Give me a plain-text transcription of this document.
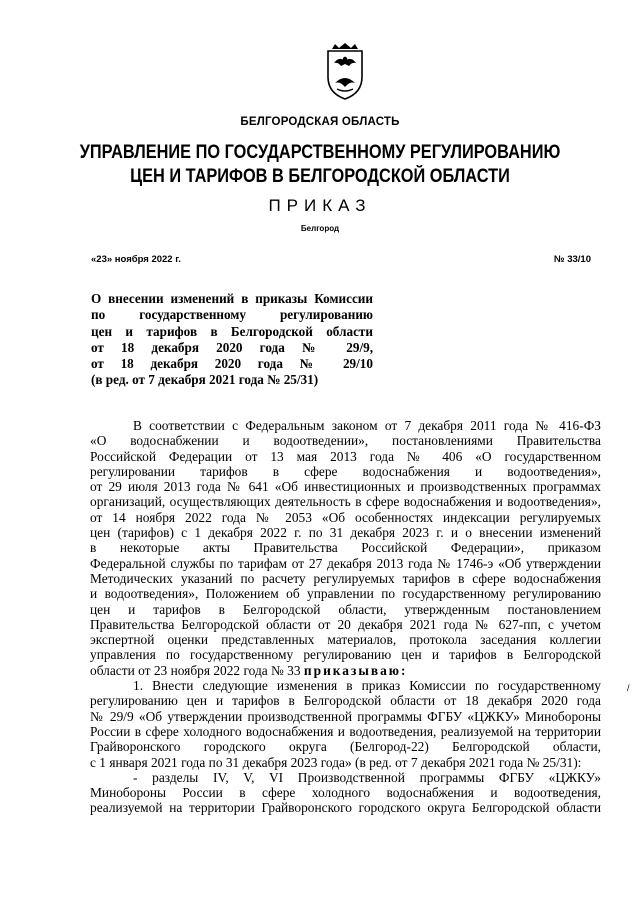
БЕЛГОРОДСКАЯ ОБЛАСТЬ
УПРАВЛЕНИЕ ПО ГОСУДАРСТВЕННОМУ РЕГУЛИРОВАНИЮ
ЦЕН И ТАРИФОВ В БЕЛГОРОДСКОЙ ОБЛАСТИ
ПРИКАЗ
Белгород
«23» ноября 2022 г.	№ 33/10
О внесении изменений в приказы Комиссии
по государственному регулированию
цен и тарифов в Белгородской области
от 18 декабря 2020 года № 29/9,
от 18 декабря 2020 года № 29/10
(в ред. от 7 декабря 2021 года № 25/31)
В соответствии с Федеральным законом от 7 декабря 2011 года № 416-ФЗ
«О водоснабжении и водоотведении», постановлениями Правительства
Российской Федерации от 13 мая 2013 года № 406 «О государственном
регулировании тарифов в сфере водоснабжения и водоотведения»,
от 29 июля 2013 года № 641 «Об инвестиционных и производственных программах
организаций, осуществляющих деятельность в сфере водоснабжения и водоотведения»,
от 14 ноября 2022 года № 2053 «Об особенностях индексации регулируемых
цен (тарифов) с 1 декабря 2022 г. по 31 декабря 2023 г. и о внесении изменений
в некоторые акты Правительства Российской Федерации», приказом
Федеральной службы по тарифам от 27 декабря 2013 года № 1746-э «Об утверждении
Методических указаний по расчету регулируемых тарифов в сфере водоснабжения
и водоотведения», Положением об управлении по государственному регулированию
цен и тарифов в Белгородской области, утвержденным постановлением
Правительства Белгородской области от 20 декабря 2021 года № 627-пп, с учетом
экспертной оценки представленных материалов, протокола заседания коллегии
управления по государственному регулированию цен и тарифов в Белгородской
области от 23 ноября 2022 года № 33 приказываю:
1. Внести следующие изменения в приказ Комиссии по государственному
регулированию цен и тарифов в Белгородской области от 18 декабря 2020 года
№ 29/9 «Об утверждении производственной программы ФГБУ «ЦЖКУ» Минобороны
России в сфере холодного водоснабжения и водоотведения, реализуемой на территории
Грайворонского городского округа (Белгород-22) Белгородской области,
с 1 января 2021 года по 31 декабря 2023 года» (в ред. от 7 декабря 2021 года № 25/31):
- разделы IV, V, VI Производственной программы ФГБУ «ЦЖКУ»
Минобороны России в сфере холодного водоснабжения и водоотведения,
реализуемой на территории Грайворонского городского округа Белгородской области
/
